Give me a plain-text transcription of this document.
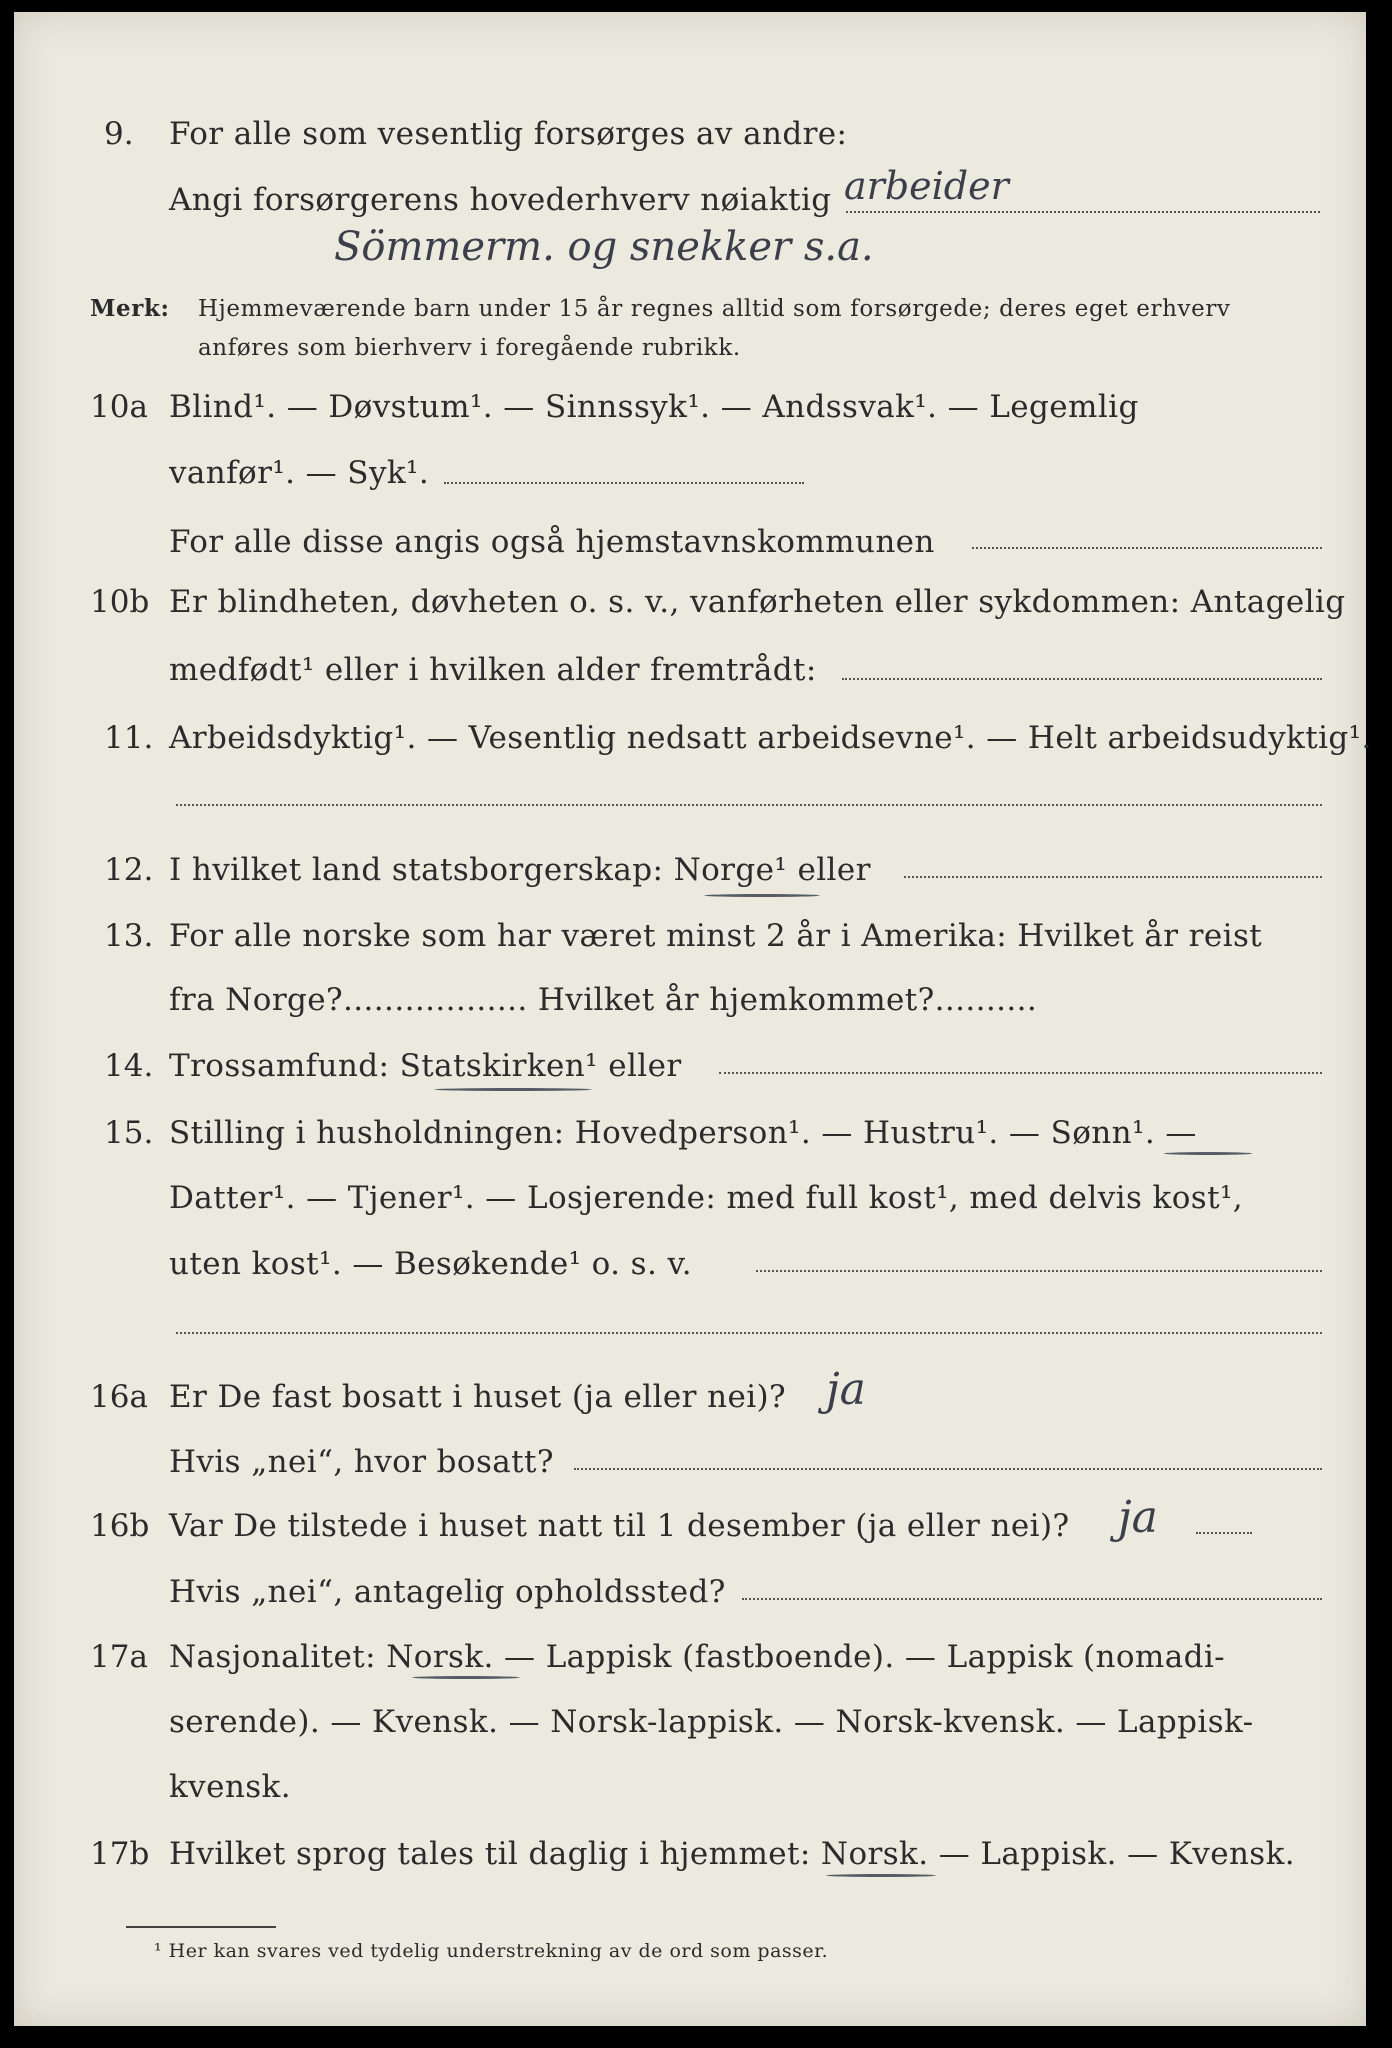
9. For alle som vesentlig forsørges av andre:
Angi forsørgerens hovederhverv nøiaktig arbeider
Sömmerm. og snekker s.a.
Merk: Hjemmeværende barn under 15 år regnes alltid som forsørgede; deres eget erhverv
anføres som bierhverv i foregående rubrikk.
10a Blind¹. — Døvstum¹. — Sinnssyk¹. — Andssvak¹. — Legemlig
vanfør¹. — Syk¹.
For alle disse angis også hjemstavnskommunen
10b Er blindheten, døvheten o. s. v., vanførheten eller sykdommen: Antagelig
medfødt¹ eller i hvilken alder fremtrådt:
11. Arbeidsdyktig¹. — Vesentlig nedsatt arbeidsevne¹. — Helt arbeidsudyktig¹.
12. I hvilket land statsborgerskap: Norge¹ eller
13. For alle norske som har været minst 2 år i Amerika: Hvilket år reist
fra Norge?.................. Hvilket år hjemkommet?..........
14. Trossamfund: Statskirken¹ eller
15. Stilling i husholdningen: Hovedperson¹. — Hustru¹. — Sønn¹. —
Datter¹. — Tjener¹. — Losjerende: med full kost¹, med delvis kost¹,
uten kost¹. — Besøkende¹ o. s. v.
16a Er De fast bosatt i huset (ja eller nei)? ja
Hvis „nei“, hvor bosatt?
16b Var De tilstede i huset natt til 1 desember (ja eller nei)? ja
Hvis „nei“, antagelig opholdssted?
17a Nasjonalitet: Norsk. — Lappisk (fastboende). — Lappisk (nomadi-
serende). — Kvensk. — Norsk-lappisk. — Norsk-kvensk. — Lappisk-
kvensk.
17b Hvilket sprog tales til daglig i hjemmet: Norsk. — Lappisk. — Kvensk.
¹ Her kan svares ved tydelig understrekning av de ord som passer.
